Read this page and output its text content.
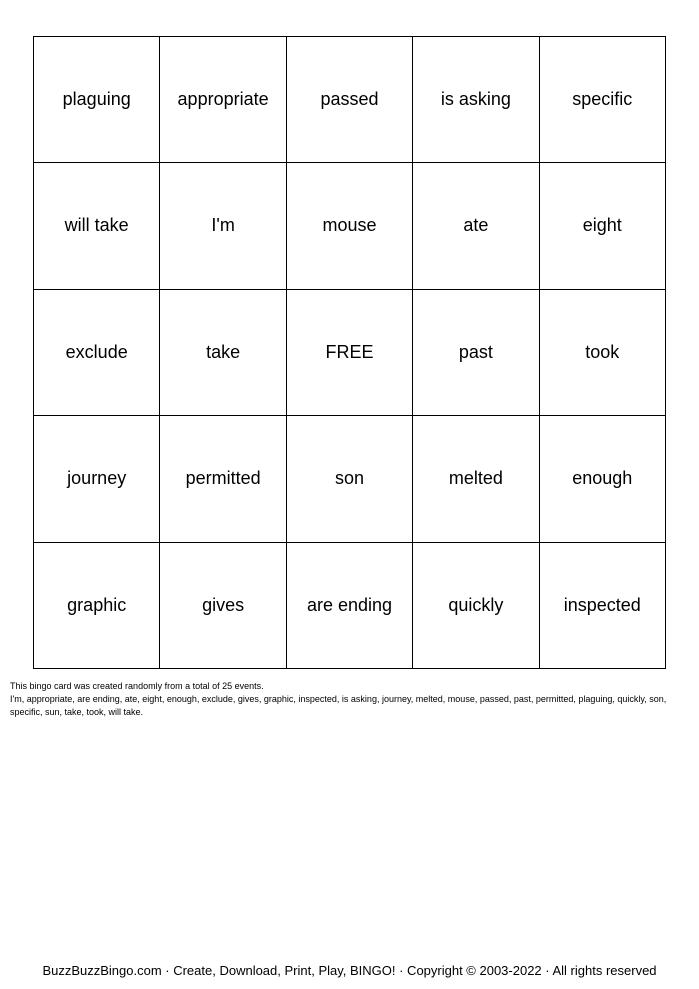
plaguing	appropriate	passed	is asking	specific
will take	I'm	mouse	ate	eight
exclude	take	FREE	past	took
journey	permitted	son	melted	enough
graphic	gives	are ending	quickly	inspected
This bingo card was created randomly from a total of 25 events.
I'm, appropriate, are ending, ate, eight, enough, exclude, gives, graphic, inspected, is asking, journey, melted, mouse, passed, past, permitted, plaguing, quickly, son, specific, sun, take, took, will take.
BuzzBuzzBingo.com · Create, Download, Print, Play, BINGO! · Copyright © 2003-2022 · All rights reserved
